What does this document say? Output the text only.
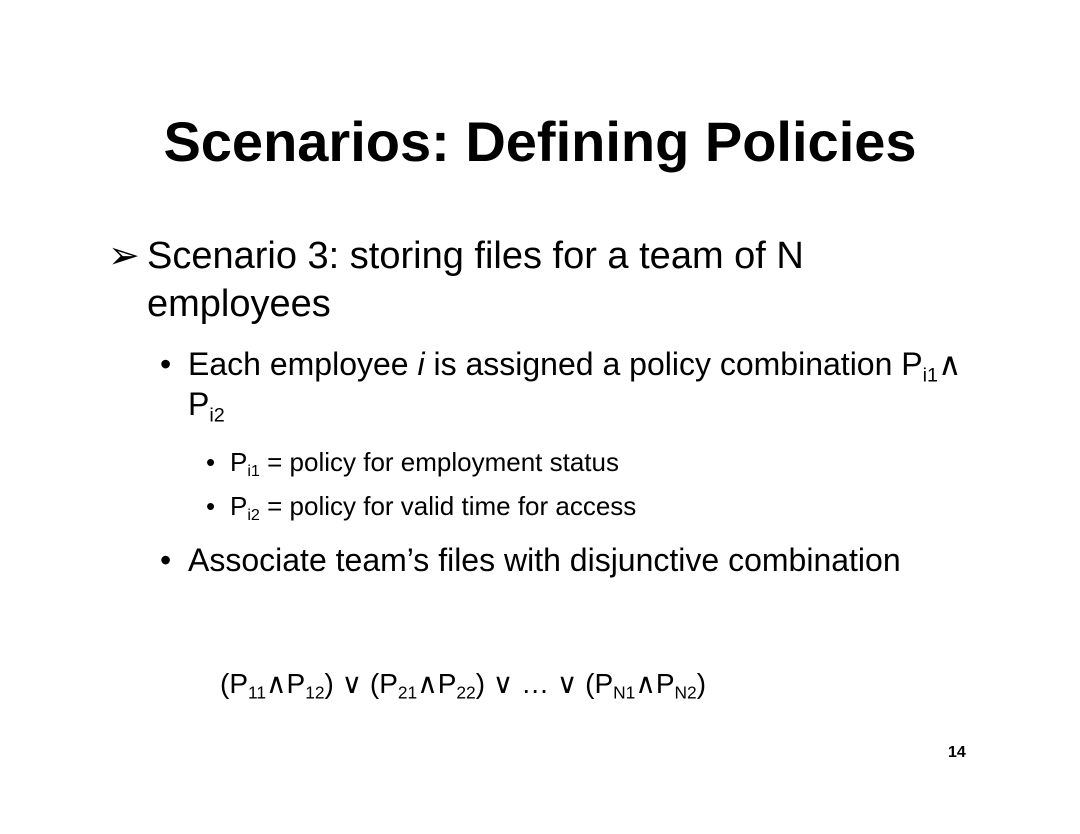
Scenarios: Defining Policies
➢ Scenario 3: storing files for a team of N employees
• Each employee i is assigned a policy combination $P_{i1}\wedge$ $P_{i2}$
• $P_{i1}$ = policy for employment status
• $P_{i2}$ = policy for valid time for access
• Associate team’s files with disjunctive combination
$(P_{11}\wedge P_{12})$ ∨ $(P_{21}\wedge P_{22})$ ∨ … ∨ $(P_{N1}\wedge P_{N2})$
14
